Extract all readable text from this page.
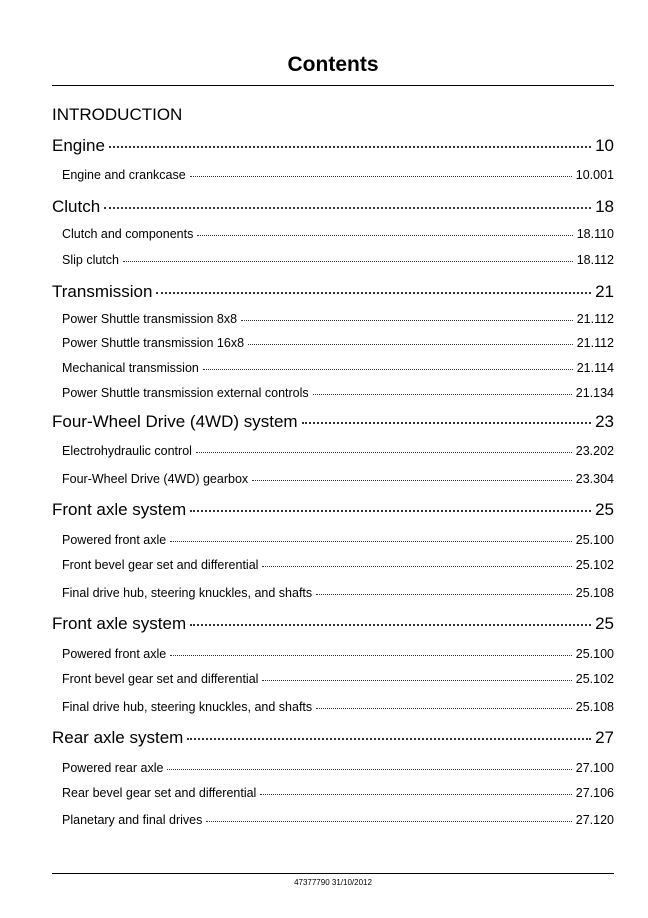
Contents
INTRODUCTION
Engine	10
Engine and crankcase	10.001
Clutch	18
Clutch and components	18.110
Slip clutch	18.112
Transmission	21
Power Shuttle transmission 8x8	21.112
Power Shuttle transmission 16x8	21.112
Mechanical transmission	21.114
Power Shuttle transmission external controls	21.134
Four-Wheel Drive (4WD) system	23
Electrohydraulic control	23.202
Four-Wheel Drive (4WD) gearbox	23.304
Front axle system	25
Powered front axle	25.100
Front bevel gear set and differential	25.102
Final drive hub, steering knuckles, and shafts	25.108
Front axle system	25
Powered front axle	25.100
Front bevel gear set and differential	25.102
Final drive hub, steering knuckles, and shafts	25.108
Rear axle system	27
Powered rear axle	27.100
Rear bevel gear set and differential	27.106
Planetary and final drives	27.120
47377790 31/10/2012
